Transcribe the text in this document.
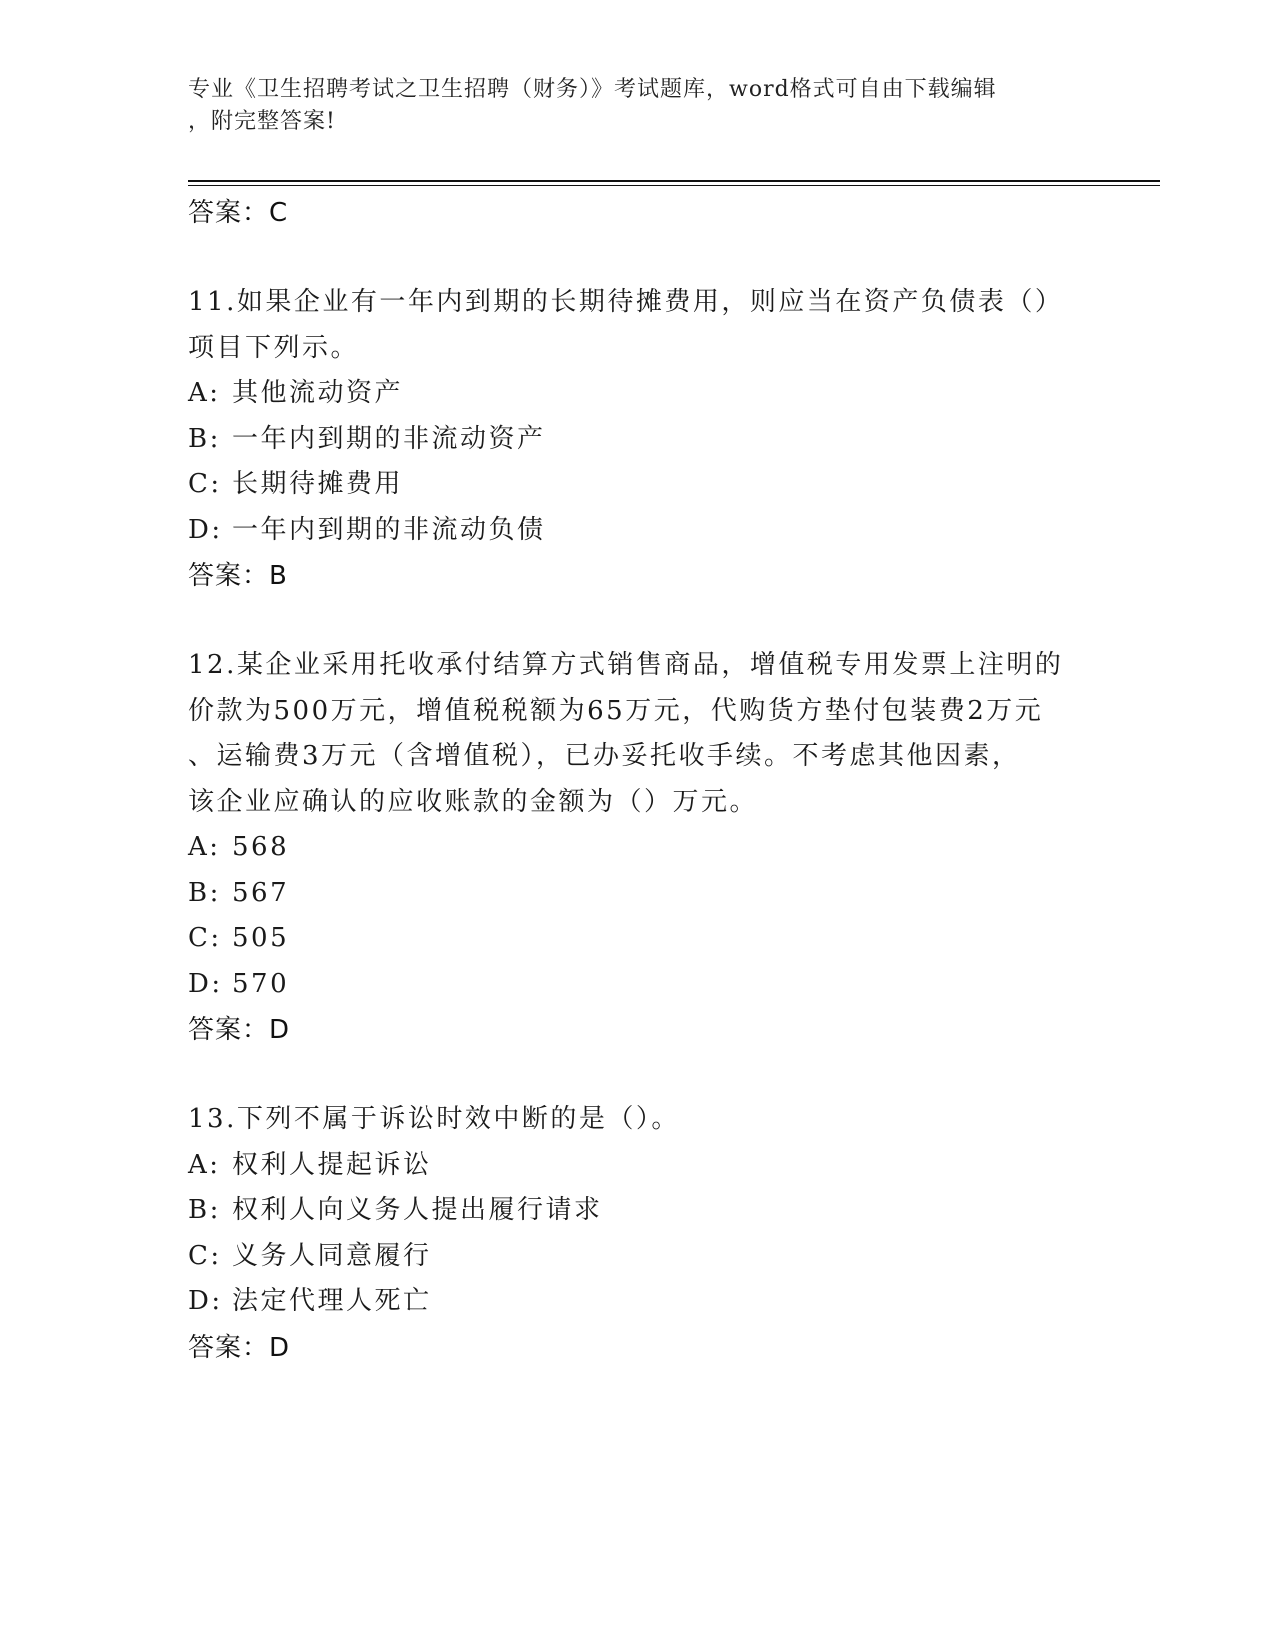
专业《卫生招聘考试之卫生招聘（财务）》考试题库，word格式可自由下载编辑
，附完整答案!
答案：C
11.如果企业有一年内到期的长期待摊费用，则应当在资产负债表（）
项目下列示。
A: 其他流动资产
B: 一年内到期的非流动资产
C: 长期待摊费用
D: 一年内到期的非流动负债
答案：B
12.某企业采用托收承付结算方式销售商品，增值税专用发票上注明的
价款为500万元，增值税税额为65万元，代购货方垫付包装费2万元
、运输费3万元（含增值税），已办妥托收手续。不考虑其他因素，
该企业应确认的应收账款的金额为（）万元。
A: 568
B: 567
C: 505
D: 570
答案：D
13.下列不属于诉讼时效中断的是（）。
A: 权利人提起诉讼
B: 权利人向义务人提出履行请求
C: 义务人同意履行
D: 法定代理人死亡
答案：D
